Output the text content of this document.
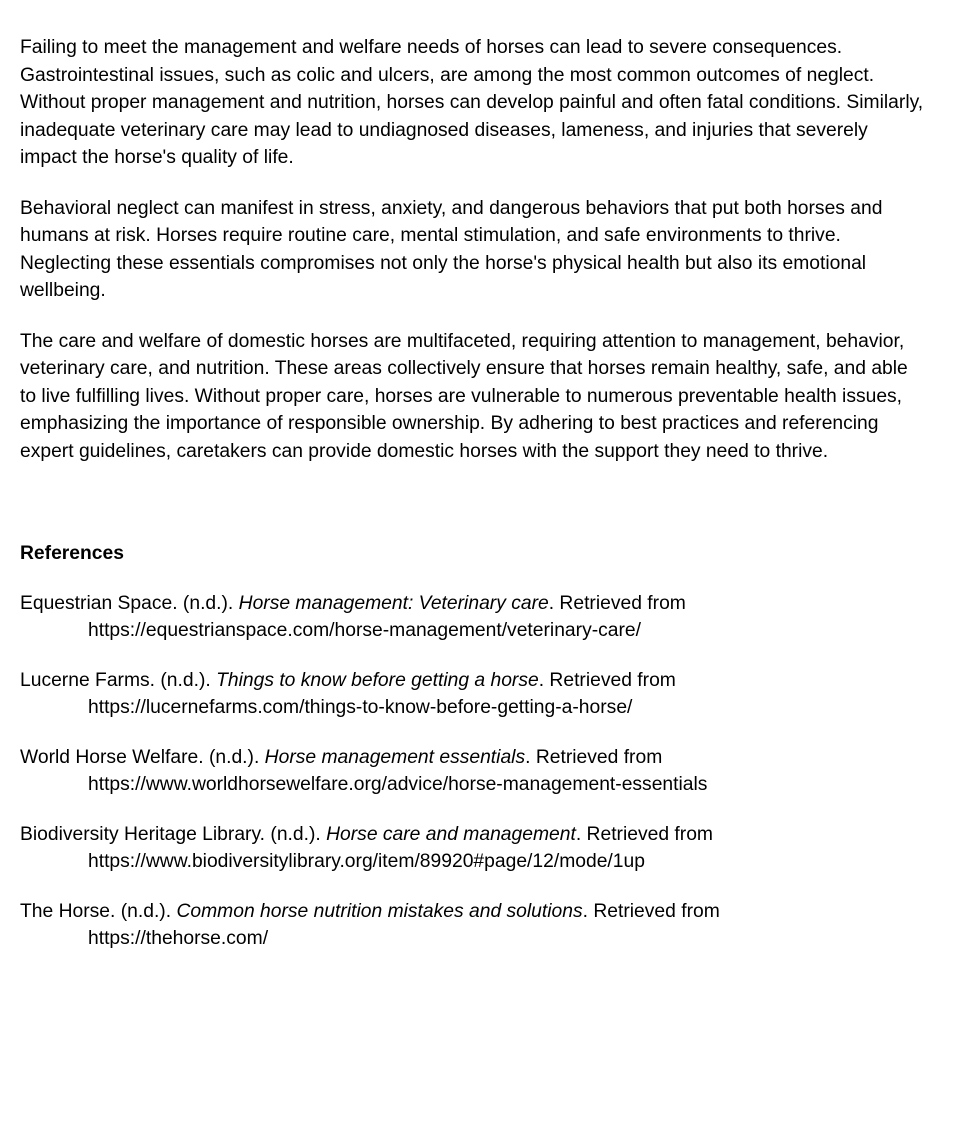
Failing to meet the management and welfare needs of horses can lead to severe consequences. Gastrointestinal issues, such as colic and ulcers, are among the most common outcomes of neglect. Without proper management and nutrition, horses can develop painful and often fatal conditions. Similarly, inadequate veterinary care may lead to undiagnosed diseases, lameness, and injuries that severely impact the horse's quality of life.

Behavioral neglect can manifest in stress, anxiety, and dangerous behaviors that put both horses and humans at risk. Horses require routine care, mental stimulation, and safe environments to thrive. Neglecting these essentials compromises not only the horse's physical health but also its emotional wellbeing.

The care and welfare of domestic horses are multifaceted, requiring attention to management, behavior, veterinary care, and nutrition. These areas collectively ensure that horses remain healthy, safe, and able to live fulfilling lives. Without proper care, horses are vulnerable to numerous preventable health issues, emphasizing the importance of responsible ownership. By adhering to best practices and referencing expert guidelines, caretakers can provide domestic horses with the support they need to thrive.

References
Equestrian Space. (n.d.). Horse management: Veterinary care. Retrieved from
https://equestrianspace.com/horse-management/veterinary-care/
Lucerne Farms. (n.d.). Things to know before getting a horse. Retrieved from
https://lucernefarms.com/things-to-know-before-getting-a-horse/
World Horse Welfare. (n.d.). Horse management essentials. Retrieved from
https://www.worldhorsewelfare.org/advice/horse-management-essentials
Biodiversity Heritage Library. (n.d.). Horse care and management. Retrieved from
https://www.biodiversitylibrary.org/item/89920#page/12/mode/1up
The Horse. (n.d.). Common horse nutrition mistakes and solutions. Retrieved from
https://thehorse.com/
